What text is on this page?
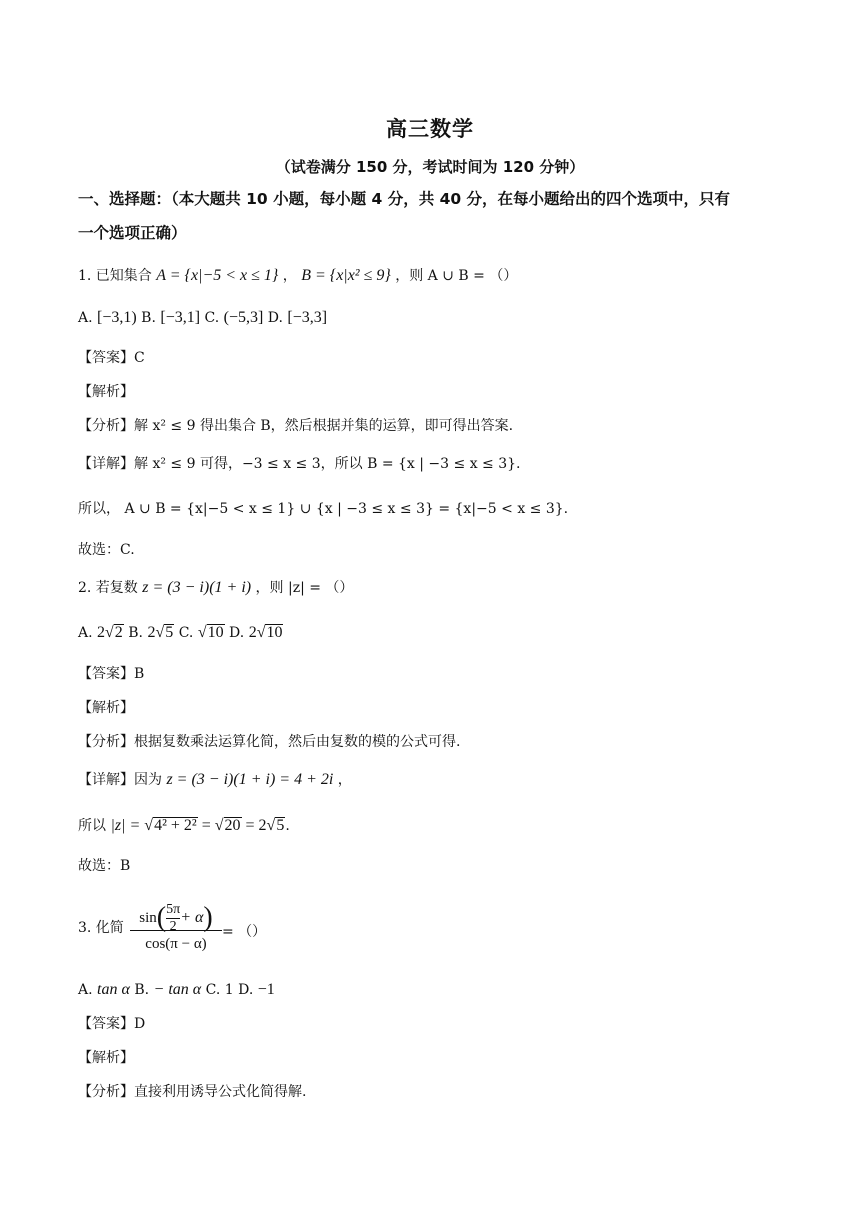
高三数学
（试卷满分 150 分，考试时间为 120 分钟）
一、选择题：（本大题共 10 小题，每小题 4 分，共 40 分，在每小题给出的四个选项中，只有
一个选项正确）
1. 已知集合 A = {x|−5 < x ≤ 1} ， B = {x|x² ≤ 9} ，则 A ∪ B = （）
A. [−3,1) B. [−3,1] C. (−5,3] D. [−3,3]
【答案】C
【解析】
【分析】解 x² ≤ 9 得出集合 B，然后根据并集的运算，即可得出答案.
【详解】解 x² ≤ 9 可得，−3 ≤ x ≤ 3，所以 B = {x | −3 ≤ x ≤ 3}.
所以， A ∪ B = {x|−5 < x ≤ 1} ∪ {x | −3 ≤ x ≤ 3} = {x|−5 < x ≤ 3}.
故选：C.
2. 若复数 z = (3 − i)(1 + i) ，则 |z| = （）
A. 2√2 B. 2√5 C. √10 D. 2√10
【答案】B
【解析】
【分析】根据复数乘法运算化简，然后由复数的模的公式可得.
【详解】因为 z = (3 − i)(1 + i) = 4 + 2i ，
所以 |z| = √4² + 2² = √20 = 2√5.
故选：B
3. 化简
$\sin(\frac{5\pi}{2} + \alpha)$
cos(π − α)
= （）
A. tan α B. − tan α C. 1 D. −1
【答案】D
【解析】
【分析】直接利用诱导公式化简得解.
